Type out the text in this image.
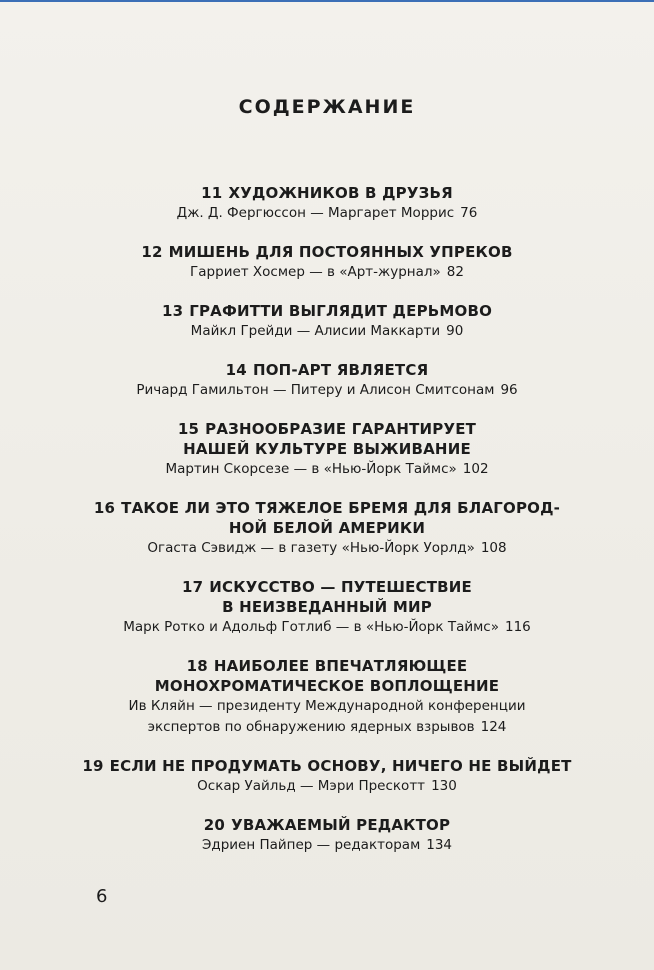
СОДЕРЖАНИЕ
11 ХУДОЖНИКОВ В ДРУЗЬЯ
Дж. Д. Фергюссон — Маргарет Моррис 76
12 МИШЕНЬ ДЛЯ ПОСТОЯННЫХ УПРЕКОВ
Гарриет Хосмер — в «Арт-журнал» 82
13 ГРАФИТТИ ВЫГЛЯДИТ ДЕРЬМОВО
Майкл Грейди — Алисии Маккарти 90
14 ПОП-АРТ ЯВЛЯЕТСЯ
Ричард Гамильтон — Питеру и Алисон Смитсонам 96
15 РАЗНООБРАЗИЕ ГАРАНТИРУЕТ
НАШЕЙ КУЛЬТУРЕ ВЫЖИВАНИЕ
Мартин Скорсезе — в «Нью-Йорк Таймс» 102
16 ТАКОЕ ЛИ ЭТО ТЯЖЕЛОЕ БРЕМЯ ДЛЯ БЛАГОРОД-
НОЙ БЕЛОЙ АМЕРИКИ
Огаста Сэвидж — в газету «Нью-Йорк Уорлд» 108
17 ИСКУССТВО — ПУТЕШЕСТВИЕ
В НЕИЗВЕДАННЫЙ МИР
Марк Ротко и Адольф Готлиб — в «Нью-Йорк Таймс» 116
18 НАИБОЛЕЕ ВПЕЧАТЛЯЮЩЕЕ
МОНОХРОМАТИЧЕСКОЕ ВОПЛОЩЕНИЕ
Ив Кляйн — президенту Международной конференции
экспертов по обнаружению ядерных взрывов 124
19 ЕСЛИ НЕ ПРОДУМАТЬ ОСНОВУ, НИЧЕГО НЕ ВЫЙДЕТ
Оскар Уайльд — Мэри Прескотт 130
20 УВАЖАЕМЫЙ РЕДАКТОР
Эдриен Пайпер — редакторам 134
6
